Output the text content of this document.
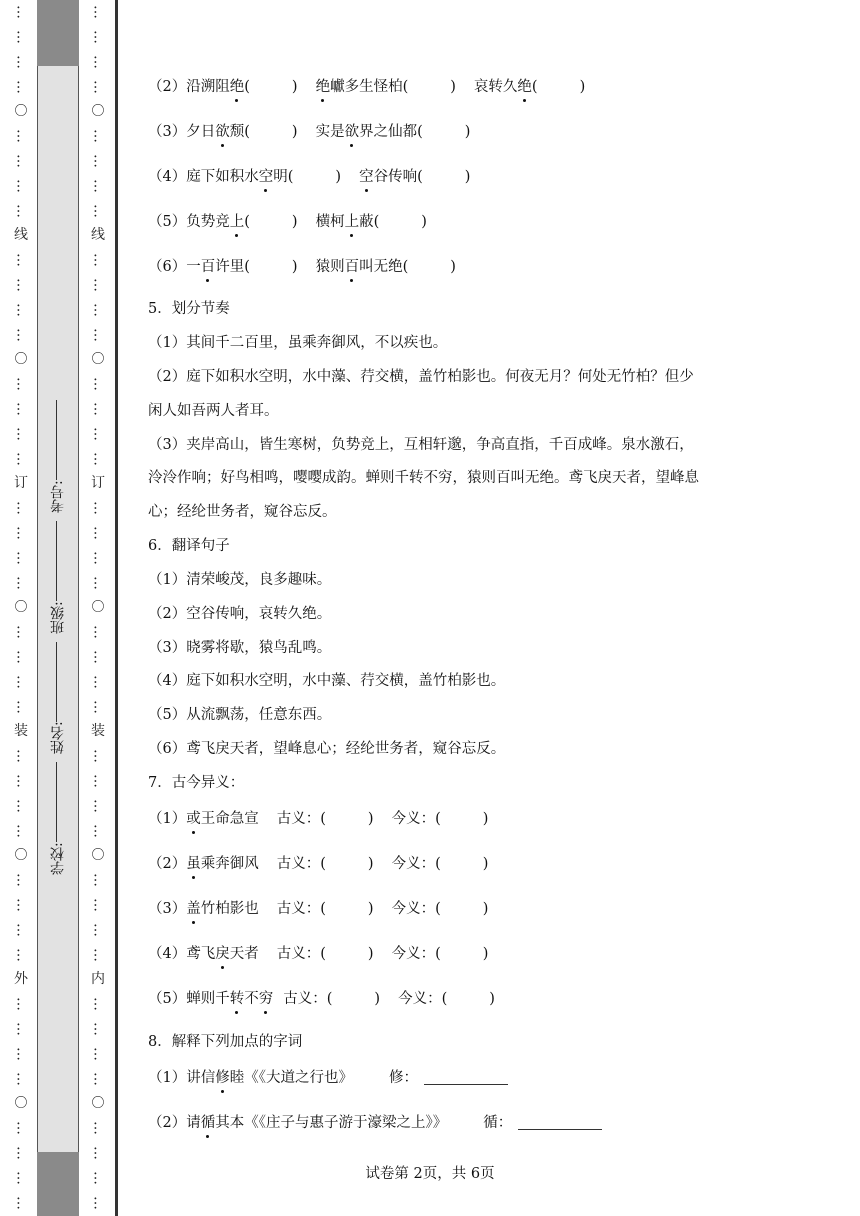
…
…
…
…
〇
…
…
…
…
线
…
…
…
…
〇
…
…
…
…
订
…
…
…
…
〇
…
…
…
…
装
…
…
…
…
〇
…
…
…
…
外
…
…
…
…
〇
…
…
…
…
…
…
…
…
〇
…
…
…
…
线
…
…
…
…
〇
…
…
…
…
订
…
…
…
…
〇
…
…
…
…
装
…
…
…
…
〇
…
…
…
…
内
…
…
…
…
〇
…
…
…
…
学校:
姓名:
班级:
考号:
（2）沿溯阻绝(	) 绝巘多生怪柏(	) 哀转久绝(	)
（3）夕日欲颓(	) 实是欲界之仙都(	)
（4）庭下如积水空明(	) 空谷传响(	)
（5）负势竞上(	) 横柯上蔽(	)
（6）一百许里(	) 猿则百叫无绝(	)
5．划分节奏
（1）其间千二百里，虽乘奔御风，不以疾也。
（2）庭下如积水空明，水中藻、荇交横，盖竹柏影也。何夜无月？何处无竹柏？但少
闲人如吾两人者耳。
（3）夹岸高山，皆生寒树，负势竞上，互相轩邈，争高直指，千百成峰。泉水激石，
泠泠作响；好鸟相鸣，嘤嘤成韵。蝉则千转不穷，猿则百叫无绝。鸢飞戾天者，望峰息
心；经纶世务者，窥谷忘反。
6．翻译句子
（1）清荣峻茂，良多趣味。
（2）空谷传响，哀转久绝。
（3）晓雾将歇，猿鸟乱鸣。
（4）庭下如积水空明，水中藻、荇交横，盖竹柏影也。
（5）从流飘荡，任意东西。
（6）鸢飞戾天者，望峰息心；经纶世务者，窥谷忘反。
7．古今异义：
（1）或王命急宣 古义：(	) 今义：(	)
（2）虽乘奔御风 古义：(	) 今义：(	)
（3）盖竹柏影也 古义：(	) 今义：(	)
（4）鸢飞戾天者 古义：(	) 今义：(	)
（5）蝉则千转不穷 古义：(	) 今义：(	)
8．解释下列加点的字词
（1）讲信修睦《《大道之行也》 修：
（2）请循其本《《庄子与惠子游于濠梁之上》》 循：
试卷第 2页，共 6页
